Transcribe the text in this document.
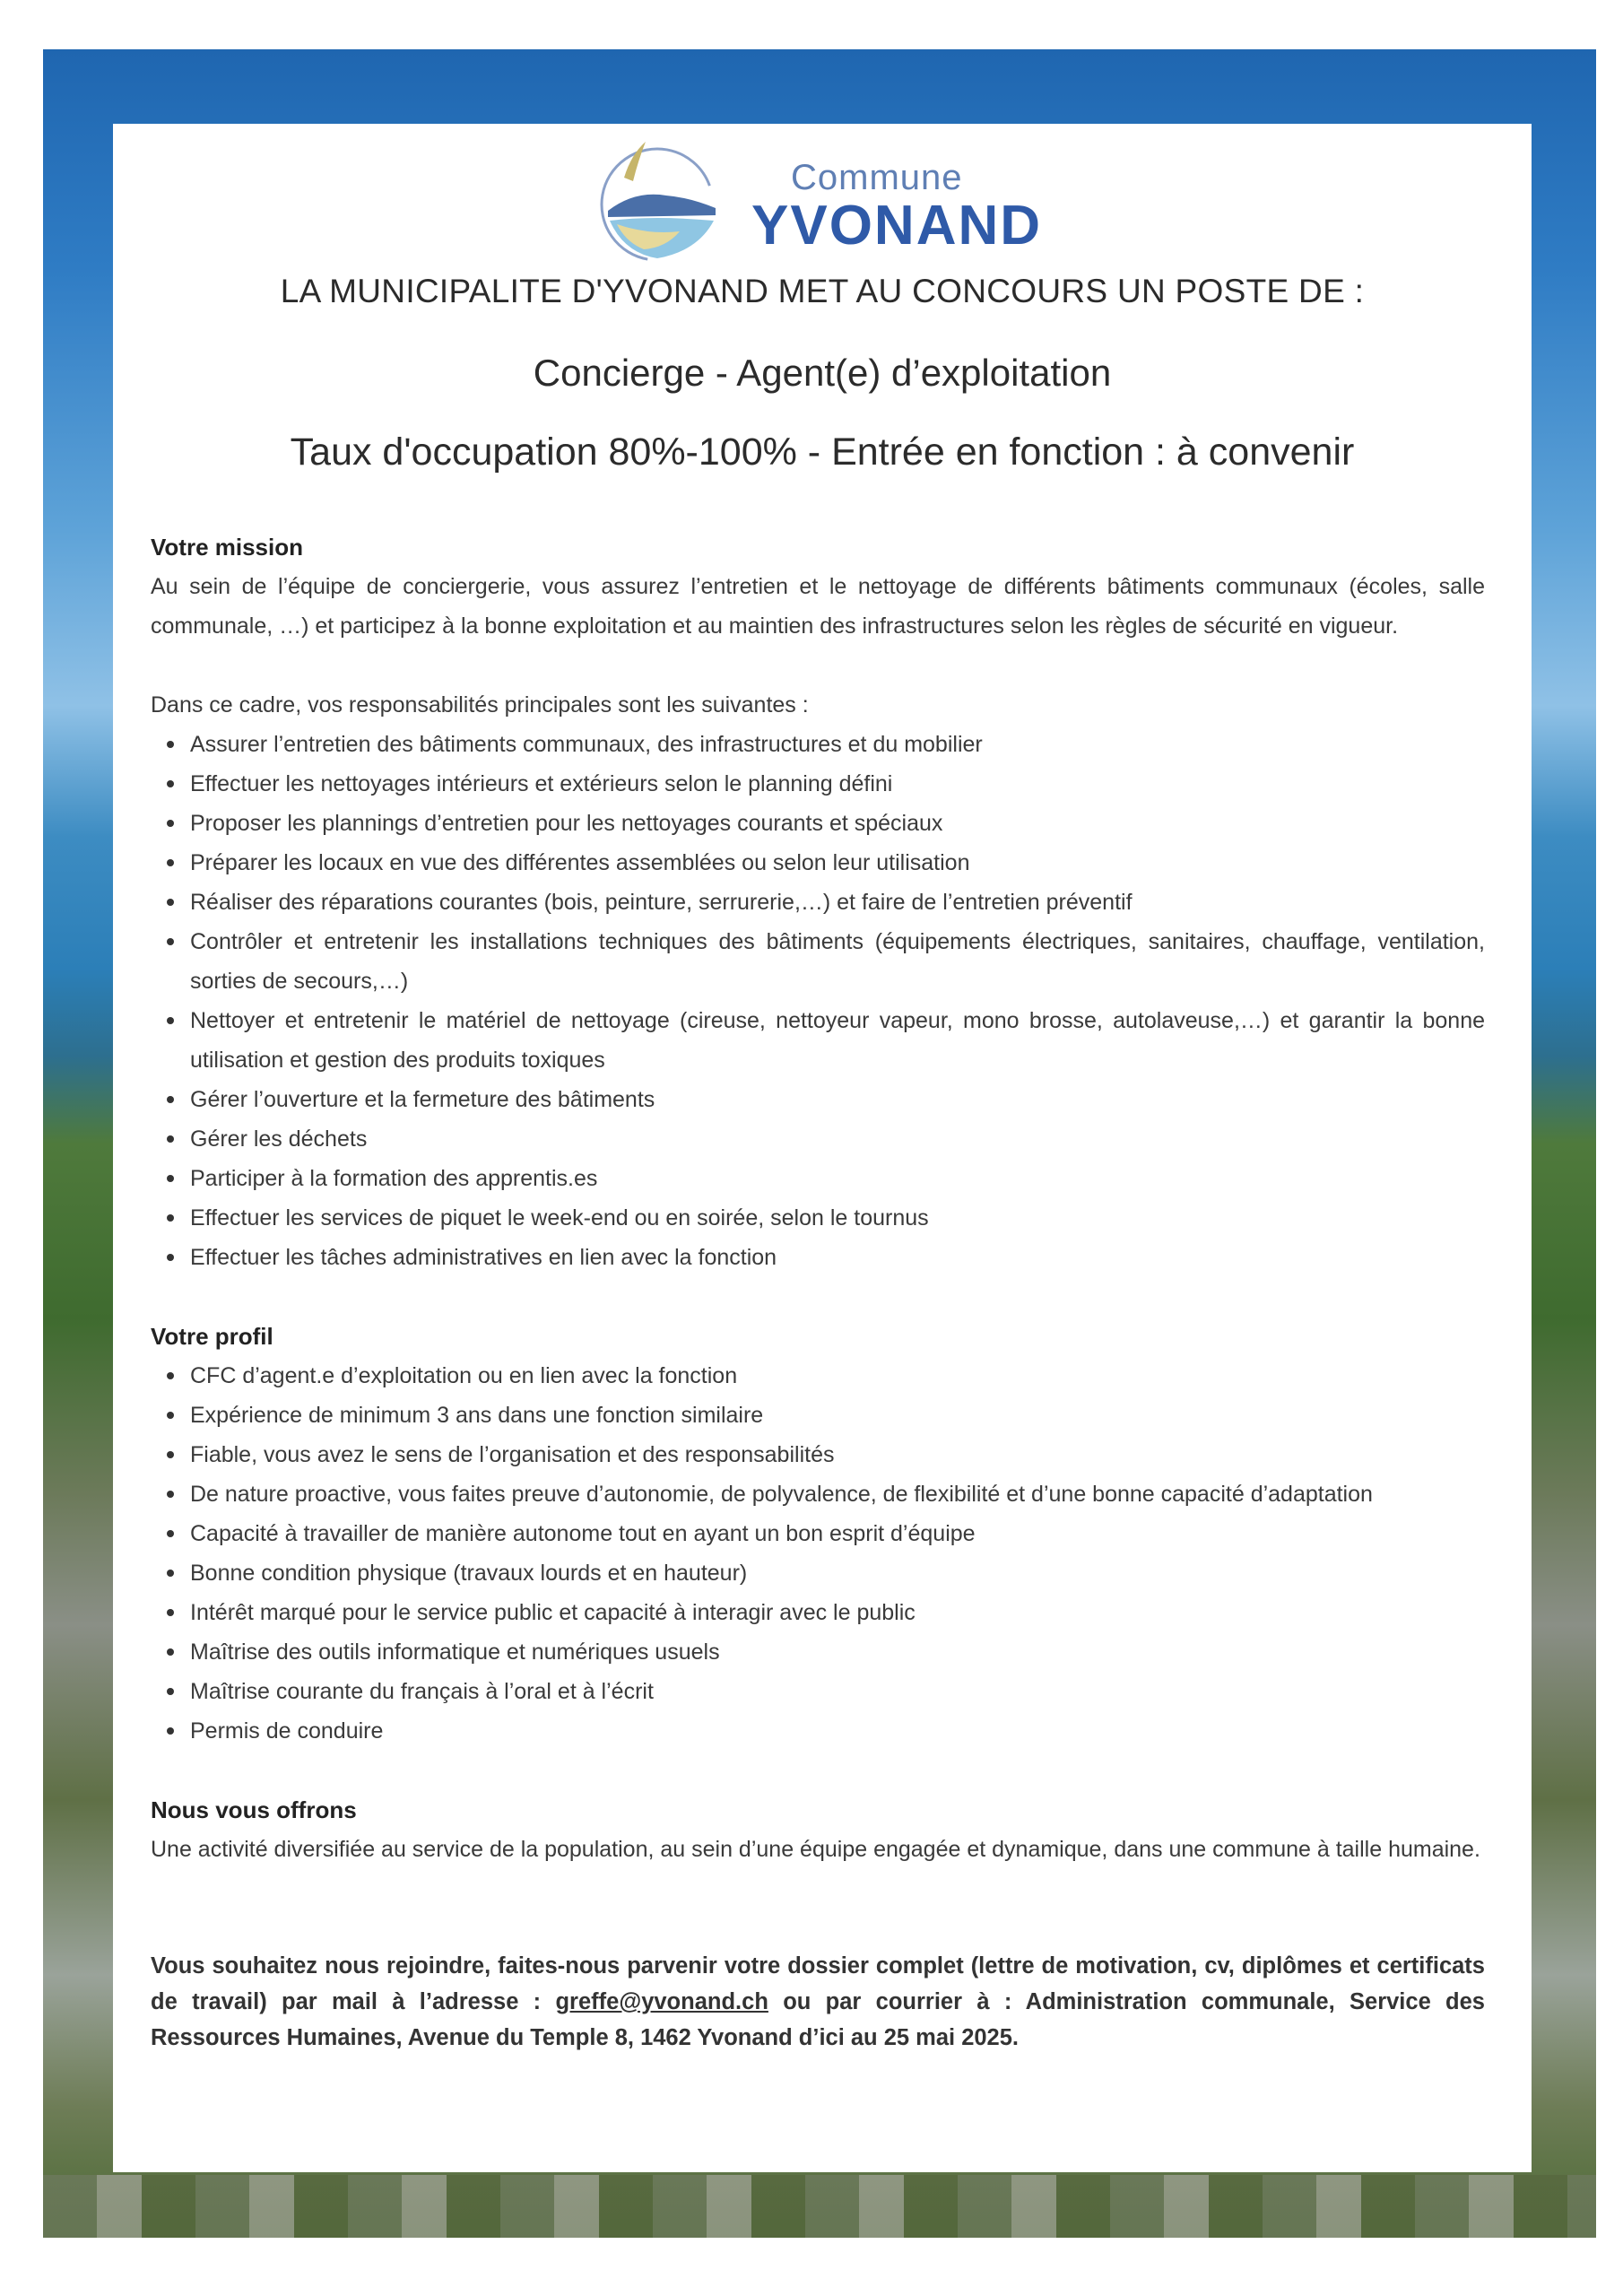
Commune
YVONAND
LA MUNICIPALITE D'YVONAND MET AU CONCOURS UN POSTE DE :
Concierge - Agent(e) d’exploitation
Taux d'occupation 80%-100% - Entrée en fonction : à convenir
Votre mission

Au sein de l’équipe de conciergerie, vous assurez l’entretien et le nettoyage de différents bâtiments communaux (écoles, salle communale, …) et participez à la bonne exploitation et au maintien des infrastructures selon les règles de sécurité en vigueur.

Dans ce cadre, vos responsabilités principales sont les suivantes :

Assurer l’entretien des bâtiments communaux, des infrastructures et du mobilier
Effectuer les nettoyages intérieurs et extérieurs selon le planning défini
Proposer les plannings d’entretien pour les nettoyages courants et spéciaux
Préparer les locaux en vue des différentes assemblées ou selon leur utilisation
Réaliser des réparations courantes (bois, peinture, serrurerie,…) et faire de l’entretien préventif
Contrôler et entretenir les installations techniques des bâtiments (équipements électriques, sanitaires, chauffage, ventilation, sorties de secours,…)
Nettoyer et entretenir le matériel de nettoyage (cireuse, nettoyeur vapeur, mono brosse, autolaveuse,…) et garantir la bonne utilisation et gestion des produits toxiques
Gérer l’ouverture et la fermeture des bâtiments
Gérer les déchets
Participer à la formation des apprentis.es
Effectuer les services de piquet le week-end ou en soirée, selon le tournus
Effectuer les tâches administratives en lien avec la fonction
Votre profil
CFC d’agent.e d’exploitation ou en lien avec la fonction
Expérience de minimum 3 ans dans une fonction similaire
Fiable, vous avez le sens de l’organisation et des responsabilités
De nature proactive, vous faites preuve d’autonomie, de polyvalence, de flexibilité et d’une bonne capacité d’adaptation
Capacité à travailler de manière autonome tout en ayant un bon esprit d’équipe
Bonne condition physique (travaux lourds et en hauteur)
Intérêt marqué pour le service public et capacité à interagir avec le public
Maîtrise des outils informatique et numériques usuels
Maîtrise courante du français à l’oral et à l’écrit
Permis de conduire
Nous vous offrons

Une activité diversifiée au service de la population, au sein d’une équipe engagée et dynamique, dans une commune à taille humaine.

Vous souhaitez nous rejoindre, faites-nous parvenir votre dossier complet (lettre de motivation, cv, diplômes et certificats de travail) par mail à l’adresse : greffe@yvonand.ch ou par courrier à : Administration communale, Service des Ressources Humaines, Avenue du Temple 8, 1462 Yvonand d’ici au 25 mai 2025.
